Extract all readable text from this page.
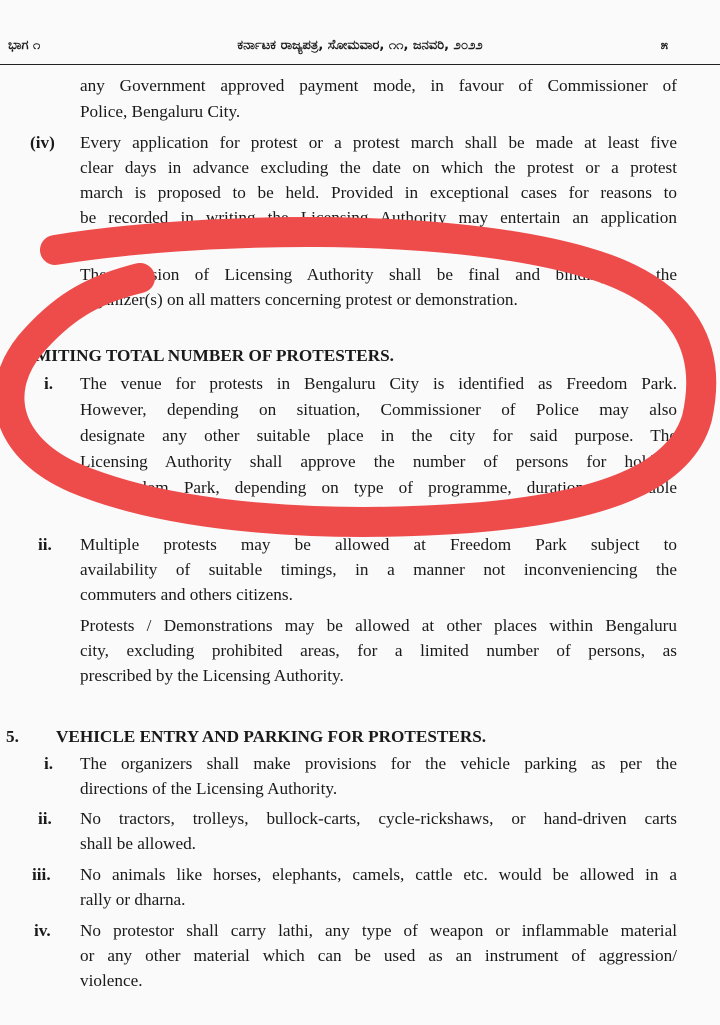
ಭಾಗ ೧	ಕರ್ನಾಟಕ ರಾಜ್ಯಪತ್ರ, ಸೋಮವಾರ, ೧೧, ಜನವರಿ, ೨೦೨೨	೫
any Government approved payment mode, in favour of Commissioner of
Police, Bengaluru City.
(iv) Every application for protest or a protest march shall be made at least five
clear days in advance excluding the date on which the protest or a protest
march is proposed to be held. Provided in exceptional cases for reasons to
be recorded in writing the Licensing Authority may entertain an application
The decision of Licensing Authority shall be final and binding on the
organizer(s) on all matters concerning protest or demonstration.
4.LIMITING TOTAL NUMBER OF PROTESTERS.
i. The venue for protests in Bengaluru City is identified as Freedom Park.
However, depending on situation, Commissioner of Police may also
designate any other suitable place in the city for said purpose. The
Licensing Authority shall approve the number of persons for holding
at Freedom Park, depending on type of programme, duration, reasonable
ii. Multiple protests may be allowed at Freedom Park subject to
availability of suitable timings, in a manner not inconveniencing the
commuters and others citizens.
Protests / Demonstrations may be allowed at other places within Bengaluru
city, excluding prohibited areas, for a limited number of persons, as
prescribed by the Licensing Authority.
5. VEHICLE ENTRY AND PARKING FOR PROTESTERS.
i. The organizers shall make provisions for the vehicle parking as per the
directions of the Licensing Authority.
ii. No tractors, trolleys, bullock-carts, cycle-rickshaws, or hand-driven carts
shall be allowed.
iii. No animals like horses, elephants, camels, cattle etc. would be allowed in a
rally or dharna.
iv. No protestor shall carry lathi, any type of weapon or inflammable material
or any other material which can be used as an instrument of aggression/
violence.
